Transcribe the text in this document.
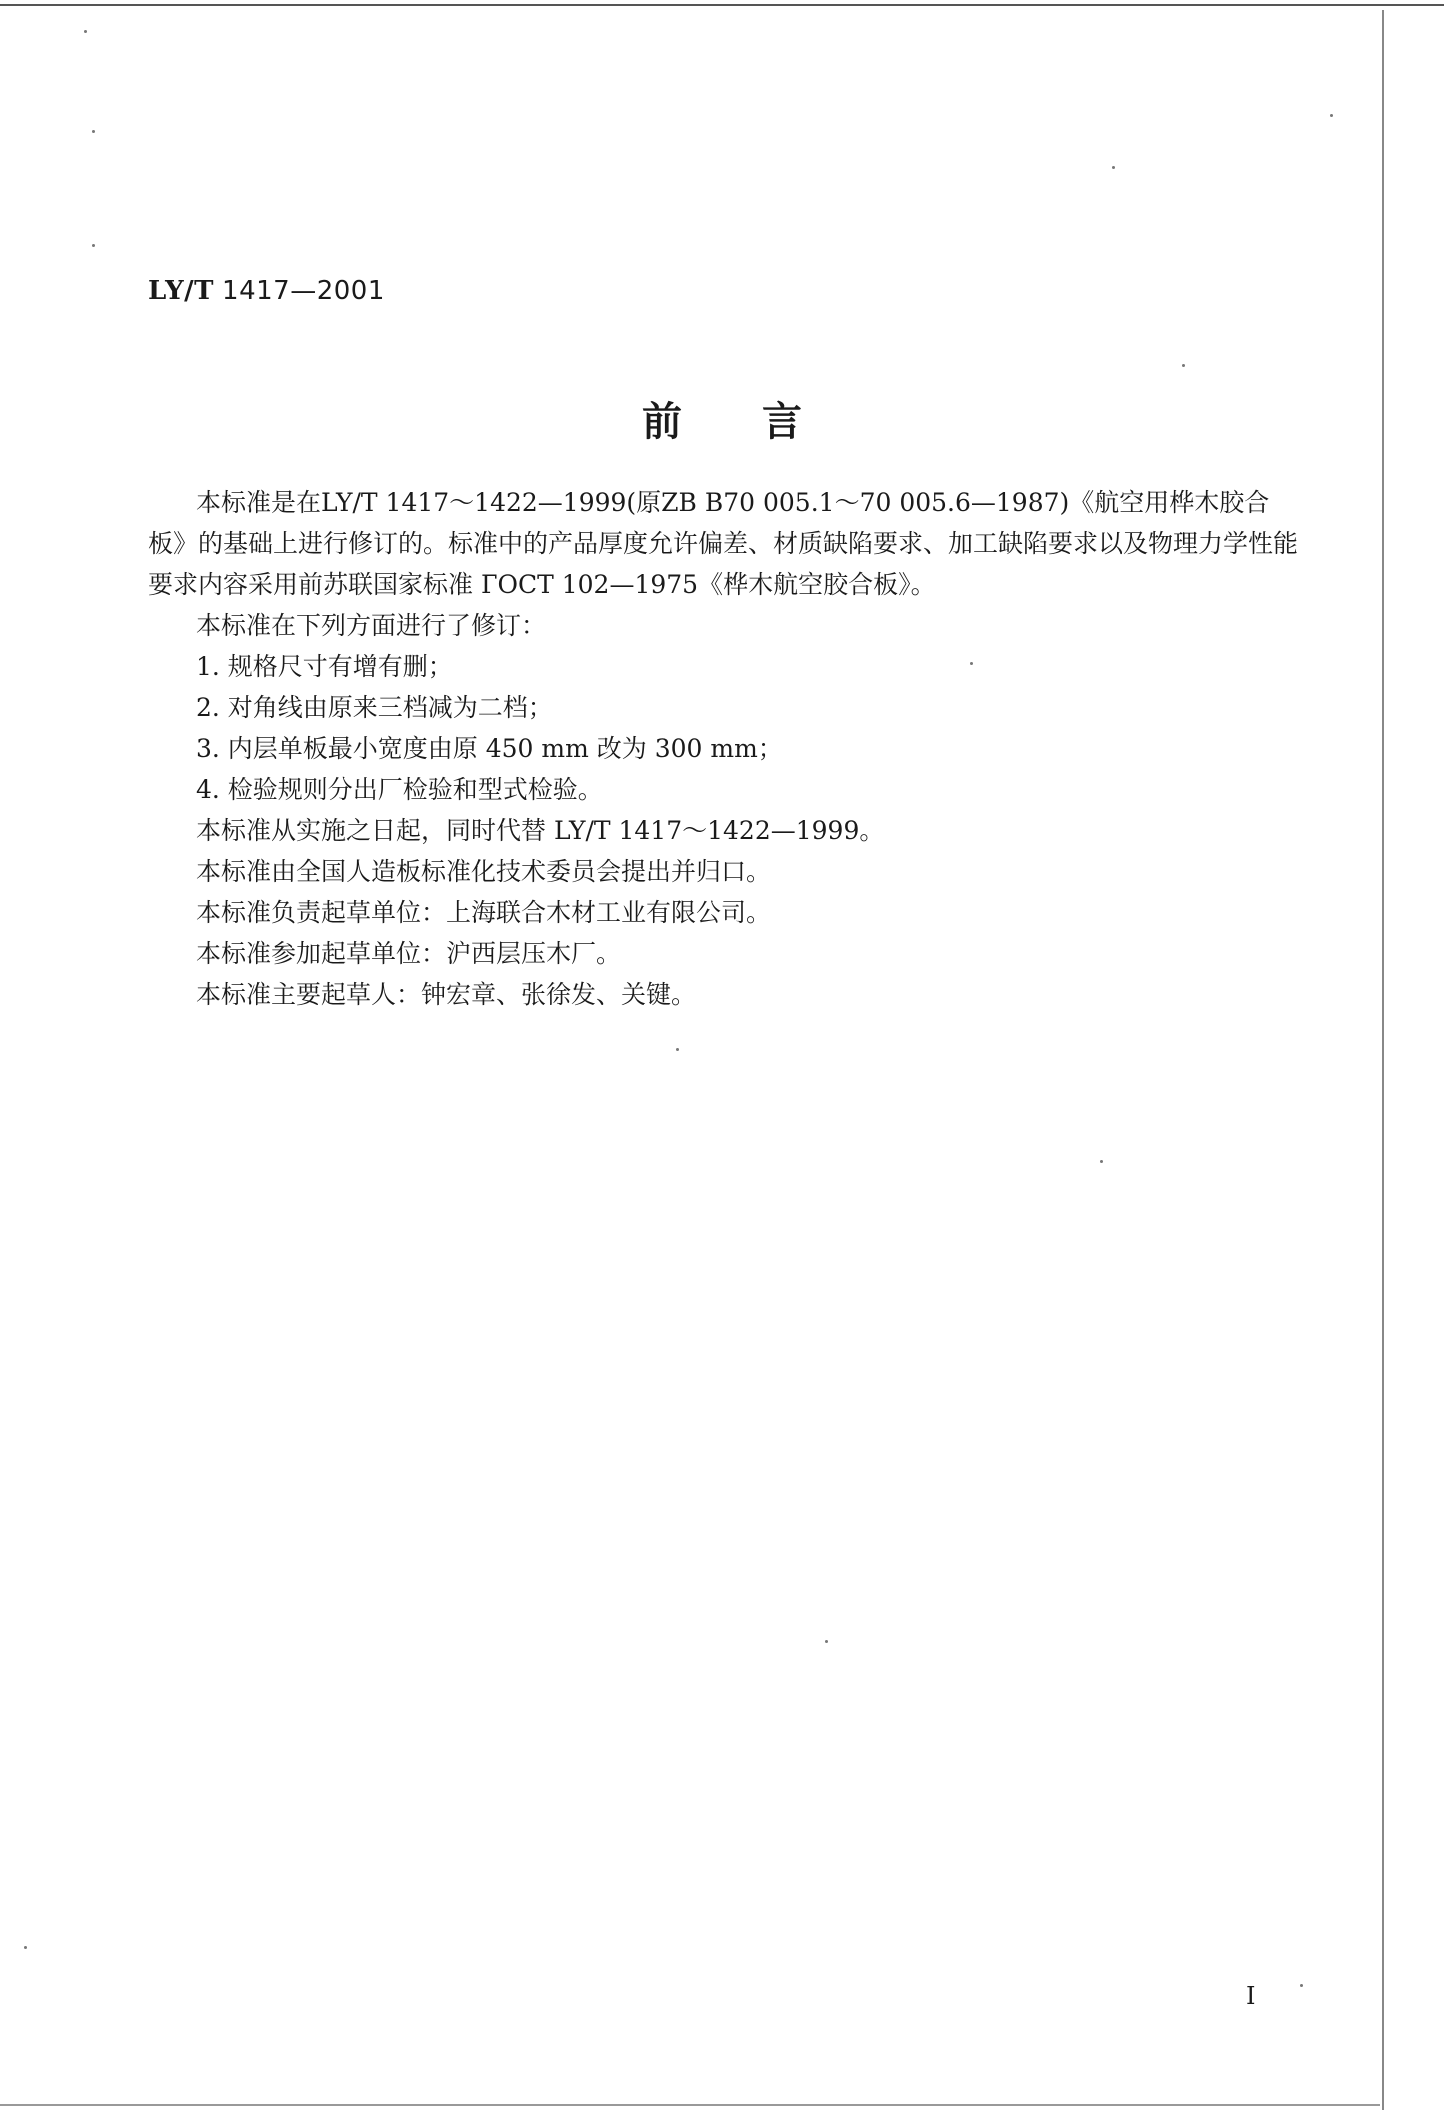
LY/T 1417—2001
前言

本标准是在LY/T 1417～1422—1999(原ZB B70 005.1～70 005.6—1987)《航空用桦木胶合板》的基础上进行修订的。标准中的产品厚度允许偏差、材质缺陷要求、加工缺陷要求以及物理力学性能要求内容采用前苏联国家标准 ГОСТ 102—1975《桦木航空胶合板》。

本标准在下列方面进行了修订：

1. 规格尺寸有增有删；

2. 对角线由原来三档减为二档；

3. 内层单板最小宽度由原 450 mm 改为 300 mm；

4. 检验规则分出厂检验和型式检验。

本标准从实施之日起，同时代替 LY/T 1417～1422—1999。

本标准由全国人造板标准化技术委员会提出并归口。

本标准负责起草单位：上海联合木材工业有限公司。

本标准参加起草单位：沪西层压木厂。

本标准主要起草人：钟宏章、张徐发、关键。

I
